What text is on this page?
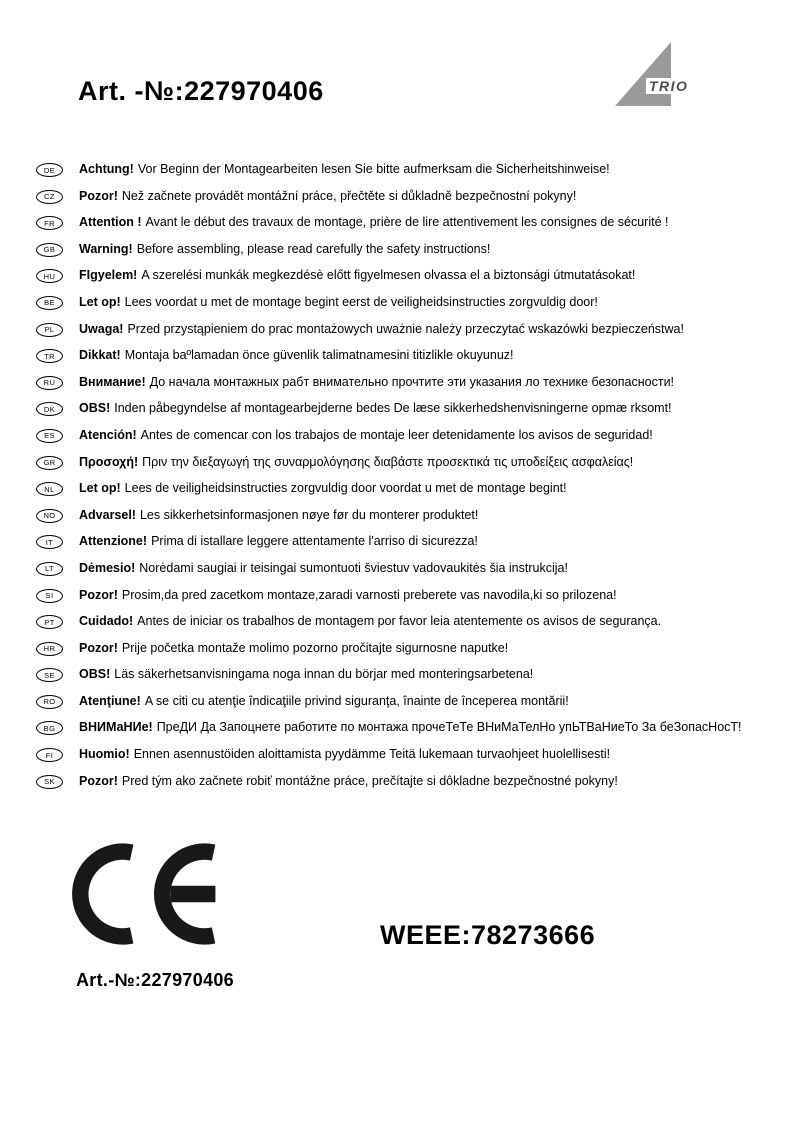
Art. -№:227970406	TRIO
DE Achtung! Vor Beginn der Montagearbeiten lesen Sie bitte aufmerksam die Sicherheitshinweise!
CZ Pozor! Než začnete provádět montážní práce, přečtěte si důkladně bezpečnostní pokyny!
FR Attention ! Avant le début des travaux de montage, prière de lire attentivement les consignes de sécurité !
GB Warning! Before assembling, please read carefully the safety instructions!
HU FIgyelem! A szerelési munkák megkezdésè előtt figyelmesen olvassa el a biztonsági útmutatásokat!
BE Let op! Lees voordat u met de montage begint eerst de veiligheidsinstructies zorgvuldig door!
PL Uwaga! Przed przystąpieniem do prac montażowych uważnie należy przeczytać wskazówki bezpieczeństwa!
TR Dikkat! Montaja baºlamadan önce güvenlik talimatnamesini titizlikle okuyunuz!
RU Внимание! До начала монтажных рабт внимательно прочтите эти указания ло технике безопасности!
DK OBS! Inden påbegyndelse af montagearbejderne bedes De læse sikkerhedshenvisningerne opmæ rksomt!
ES Atención! Antes de comencar con los trabajos de montaje leer detenidamente los avisos de seguridad!
GR Προσοχή! Πριν την διεξαγωγή της συναρμολόγησης διαβάστε προσεκτικά τις υποδείξεις ασφαλείας!
NL Let op! Lees de veiligheidsinstructies zorgvuldig door voordat u met de montage begint!
NO Advarsel! Les sikkerhetsinformasjonen nøye før du monterer produktet!
IT Attenzione! Prima di istallare leggere attentamente l'arriso di sicurezza!
LT Dėmesio! Norėdami saugiai ir teisingai sumontuoti šviestuv vadovaukitės šia instrukcija!
SI Pozor! Prosim,da pred zacetkom montaze,zaradi varnosti preberete vas navodila,ki so prilozena!
PT Cuidado! Antes de iniciar os trabalhos de montagem por favor leia atentemente os avisos de segurança.
HR Pozor! Prije početka montaže molimo pozorno pročitajte sigurnosne naputke!
SE OBS! Läs säkerhetsanvisningama noga innan du börjar med monteringsarbetena!
RO Atenţiune! A se citi cu atenţie îndicaţiile privind siguranţa, înainte de începerea montării!
BG ВНИМаНИе! ПреДИ Да Запоцнете работите по монтажа прочеТеТе ВНиМаТелНо упЬТВаНиеТо За беЗопасНосТ!
FI Huomio! Ennen asennustöiden aloittamista pyydämme Teitä lukemaan turvaohjeet huolellisesti!
SK Pozor! Pred tým ako začnete robiť montážne práce, prečítajte si dôkladne bezpečnostné pokyny!
WEEE:78273666
Art.-№:227970406
